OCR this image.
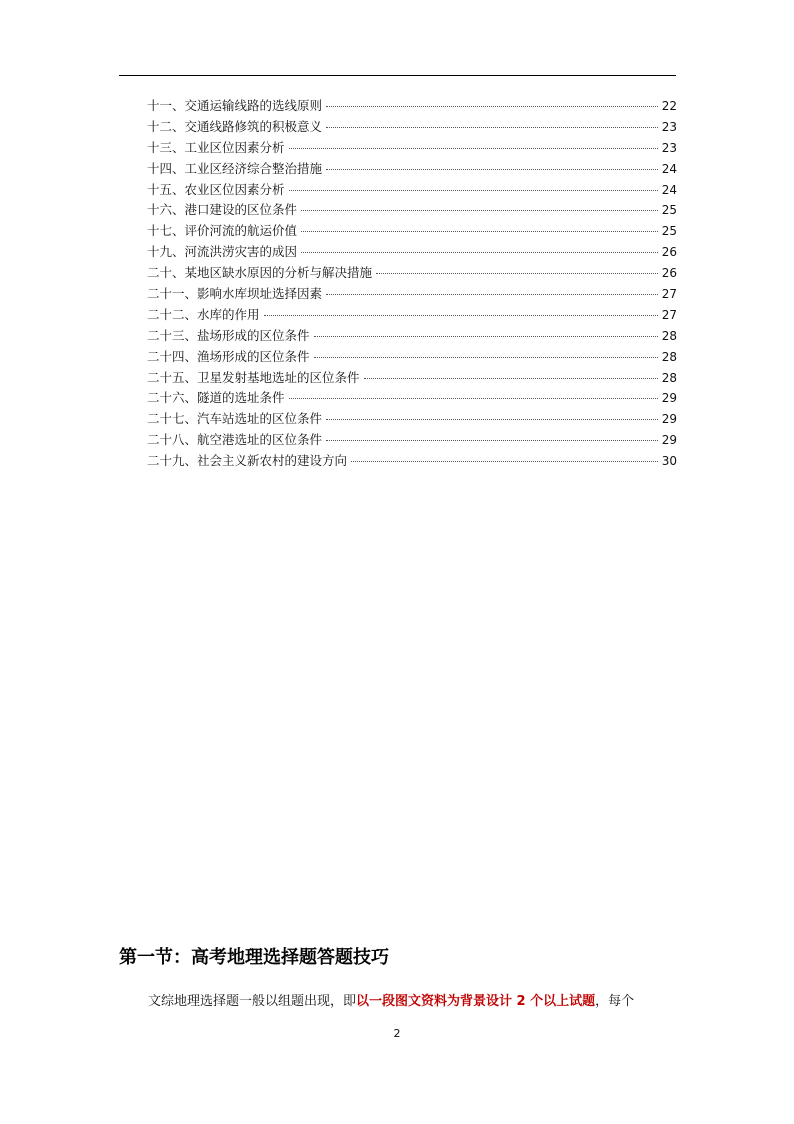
十一、交通运输线路的选线原则	22
十二、交通线路修筑的积极意义	23
十三、工业区位因素分析	23
十四、工业区经济综合整治措施	24
十五、农业区位因素分析	24
十六、港口建设的区位条件	25
十七、评价河流的航运价值	25
十九、河流洪涝灾害的成因	26
二十、某地区缺水原因的分析与解决措施	26
二十一、影响水库坝址选择因素	27
二十二、水库的作用	27
二十三、盐场形成的区位条件	28
二十四、渔场形成的区位条件	28
二十五、卫星发射基地选址的区位条件	28
二十六、隧道的选址条件	29
二十七、汽车站选址的区位条件	29
二十八、航空港选址的区位条件	29
二十九、社会主义新农村的建设方向	30
第一节：高考地理选择题答题技巧
文综地理选择题一般以组题出现，即以一段图文资料为背景设计 2 个以上试题，每个
2
